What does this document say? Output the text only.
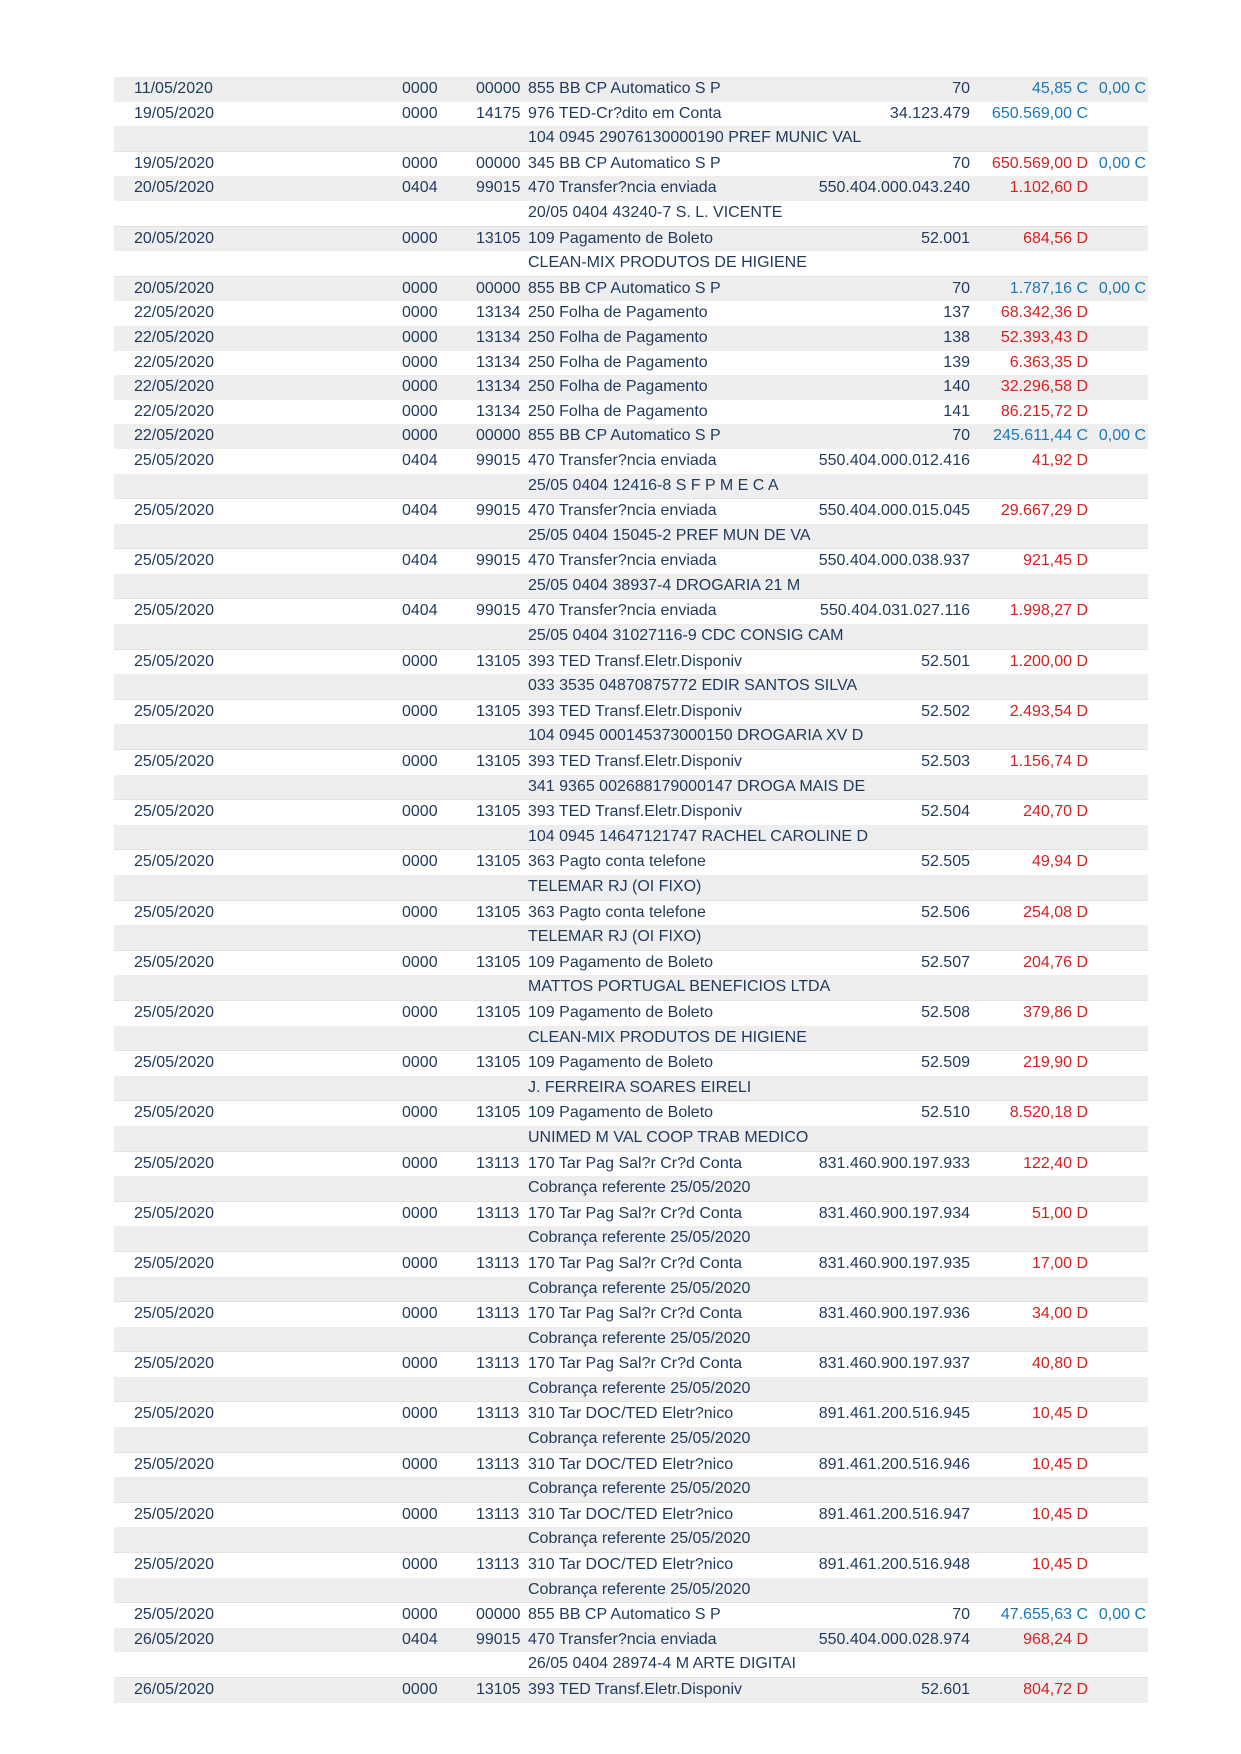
11/05/2020	0000 00000 855 BB CP Automatico S P	70	45,85 C 0,00 C
19/05/2020	0000 14175 976 TED-Cr?dito em Conta	34.123.479 650.569,00 C
104 0945 29076130000190 PREF MUNIC VAL
19/05/2020	0000 00000 345 BB CP Automatico S P	70 650.569,00 D 0,00 C
20/05/2020	0404 99015 470 Transfer?ncia enviada	550.404.000.043.240 1.102,60 D
20/05 0404 43240-7 S. L. VICENTE
20/05/2020	0000 13105 109 Pagamento de Boleto	52.001	684,56 D
CLEAN-MIX PRODUTOS DE HIGIENE
20/05/2020	0000 00000 855 BB CP Automatico S P	70 1.787,16 C 0,00 C
22/05/2020	0000 13134 250 Folha de Pagamento	137 68.342,36 D
22/05/2020	0000 13134 250 Folha de Pagamento	138 52.393,43 D
22/05/2020	0000 13134 250 Folha de Pagamento	139 6.363,35 D
22/05/2020	0000 13134 250 Folha de Pagamento	140 32.296,58 D
22/05/2020	0000 13134 250 Folha de Pagamento	141 86.215,72 D
22/05/2020	0000 00000 855 BB CP Automatico S P	70 245.611,44 C 0,00 C
25/05/2020	0404 99015 470 Transfer?ncia enviada	550.404.000.012.416	41,92 D
25/05 0404 12416-8 S F P M E C A
25/05/2020	0404 99015 470 Transfer?ncia enviada	550.404.000.015.045 29.667,29 D
25/05 0404 15045-2 PREF MUN DE VA
25/05/2020	0404 99015 470 Transfer?ncia enviada	550.404.000.038.937	921,45 D
25/05 0404 38937-4 DROGARIA 21 M
25/05/2020	0404 99015 470 Transfer?ncia enviada	550.404.031.027.116 1.998,27 D
25/05 0404 31027116-9 CDC CONSIG CAM
25/05/2020	0000 13105 393 TED Transf.Eletr.Disponiv	52.501 1.200,00 D
033 3535 04870875772 EDIR SANTOS SILVA
25/05/2020	0000 13105 393 TED Transf.Eletr.Disponiv	52.502 2.493,54 D
104 0945 000145373000150 DROGARIA XV D
25/05/2020	0000 13105 393 TED Transf.Eletr.Disponiv	52.503 1.156,74 D
341 9365 002688179000147 DROGA MAIS DE
25/05/2020	0000 13105 393 TED Transf.Eletr.Disponiv	52.504	240,70 D
104 0945 14647121747 RACHEL CAROLINE D
25/05/2020	0000 13105 363 Pagto conta telefone	52.505	49,94 D
TELEMAR RJ (OI FIXO)
25/05/2020	0000 13105 363 Pagto conta telefone	52.506	254,08 D
TELEMAR RJ (OI FIXO)
25/05/2020	0000 13105 109 Pagamento de Boleto	52.507	204,76 D
MATTOS PORTUGAL BENEFICIOS LTDA
25/05/2020	0000 13105 109 Pagamento de Boleto	52.508	379,86 D
CLEAN-MIX PRODUTOS DE HIGIENE
25/05/2020	0000 13105 109 Pagamento de Boleto	52.509	219,90 D
J. FERREIRA SOARES EIRELI
25/05/2020	0000 13105 109 Pagamento de Boleto	52.510 8.520,18 D
UNIMED M VAL COOP TRAB MEDICO
25/05/2020	0000 13113 170 Tar Pag Sal?r Cr?d Conta	831.460.900.197.933	122,40 D
Cobrança referente 25/05/2020
25/05/2020	0000 13113 170 Tar Pag Sal?r Cr?d Conta	831.460.900.197.934	51,00 D
Cobrança referente 25/05/2020
25/05/2020	0000 13113 170 Tar Pag Sal?r Cr?d Conta	831.460.900.197.935	17,00 D
Cobrança referente 25/05/2020
25/05/2020	0000 13113 170 Tar Pag Sal?r Cr?d Conta	831.460.900.197.936	34,00 D
Cobrança referente 25/05/2020
25/05/2020	0000 13113 170 Tar Pag Sal?r Cr?d Conta	831.460.900.197.937	40,80 D
Cobrança referente 25/05/2020
25/05/2020	0000 13113 310 Tar DOC/TED Eletr?nico	891.461.200.516.945	10,45 D
Cobrança referente 25/05/2020
25/05/2020	0000 13113 310 Tar DOC/TED Eletr?nico	891.461.200.516.946	10,45 D
Cobrança referente 25/05/2020
25/05/2020	0000 13113 310 Tar DOC/TED Eletr?nico	891.461.200.516.947	10,45 D
Cobrança referente 25/05/2020
25/05/2020	0000 13113 310 Tar DOC/TED Eletr?nico	891.461.200.516.948	10,45 D
Cobrança referente 25/05/2020
25/05/2020	0000 00000 855 BB CP Automatico S P	70 47.655,63 C 0,00 C
26/05/2020	0404 99015 470 Transfer?ncia enviada	550.404.000.028.974	968,24 D
26/05 0404 28974-4 M ARTE DIGITAI
26/05/2020	0000 13105 393 TED Transf.Eletr.Disponiv	52.601	804,72 D
